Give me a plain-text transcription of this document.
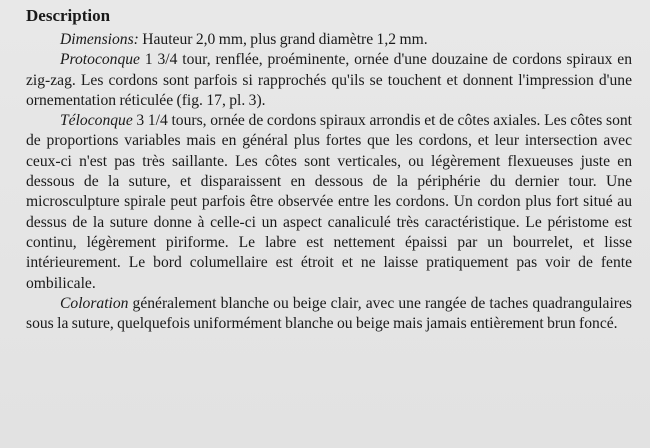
Description

Dimensions: Hauteur 2,0 mm, plus grand diamètre 1,2 mm.

Protoconque 1 3/4 tour, renflée, proéminente, ornée d'une douzaine de cordons spiraux en zig-zag. Les cordons sont parfois si rapprochés qu'ils se touchent et donnent l'impression d'une ornementation réticulée (fig. 17, pl. 3).

Téloconque 3 1/4 tours, ornée de cordons spiraux arrondis et de côtes axiales. Les côtes sont de proportions variables mais en général plus fortes que les cordons, et leur intersection avec ceux-ci n'est pas très saillante. Les côtes sont verticales, ou légèrement flexueuses juste en dessous de la suture, et disparaissent en dessous de la périphérie du dernier tour. Une microsculpture spirale peut parfois être observée entre les cordons. Un cordon plus fort situé au dessus de la suture donne à celle-ci un aspect canaliculé très caractéristique. Le péristome est continu, légèrement piriforme. Le labre est nettement épaissi par un bourrelet, et lisse intérieurement. Le bord columellaire est étroit et ne laisse pratiquement pas voir de fente ombilicale.

Coloration généralement blanche ou beige clair, avec une rangée de taches quadrangulaires sous la suture, quelquefois uniformément blanche ou beige mais jamais entièrement brun foncé.
